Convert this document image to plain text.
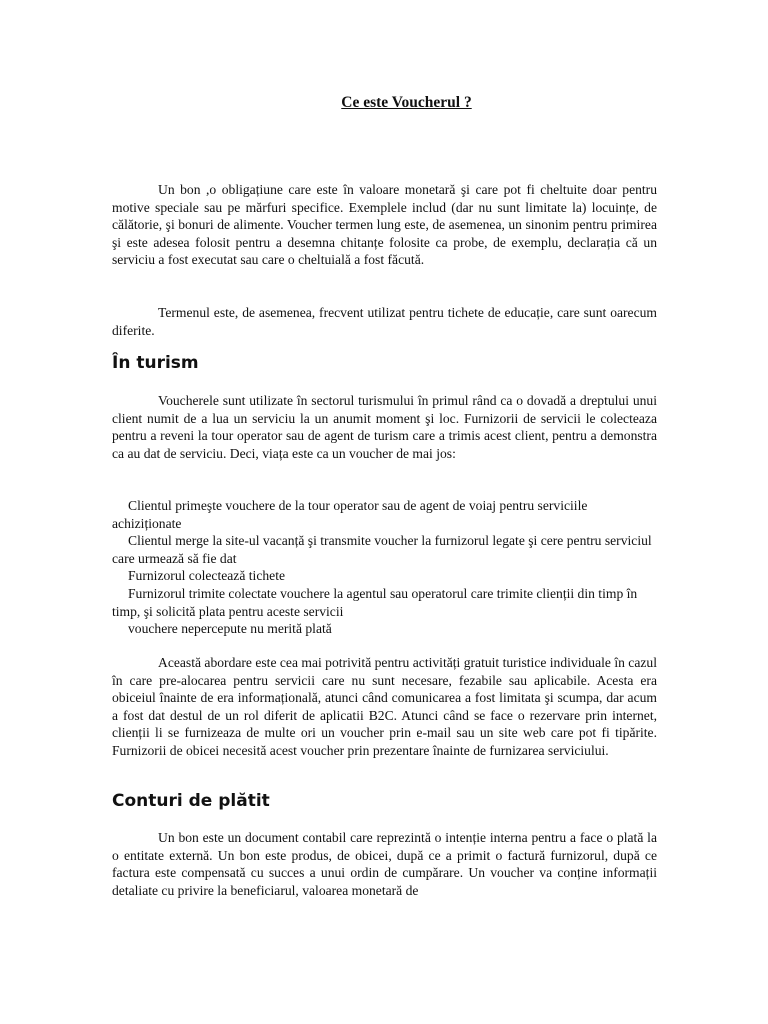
Ce este Voucherul ?

Un bon ,o obligațiune care este în valoare monetară şi care pot fi cheltuite doar pentru motive speciale sau pe mărfuri specifice. Exemplele includ (dar nu sunt limitate la) locuințe, de călătorie, şi bonuri de alimente. Voucher termen lung este, de asemenea, un sinonim pentru primirea şi este adesea folosit pentru a desemna chitanțe folosite ca probe, de exemplu, declarația că un serviciu a fost executat sau care o cheltuială a fost făcută.

Termenul este, de asemenea, frecvent utilizat pentru tichete de educație, care sunt oarecum diferite.

În turism

Voucherele sunt utilizate în sectorul turismului în primul rând ca o dovadă a dreptului unui client numit de a lua un serviciu la un anumit moment şi loc. Furnizorii de servicii le colecteaza pentru a reveni la tour operator sau de agent de turism care a trimis acest client, pentru a demonstra ca au dat de serviciu. Deci, viața este ca un voucher de mai jos:

Clientul primeşte vouchere de la tour operator sau de agent de voiaj pentru serviciile achiziționate
Clientul merge la site-ul vacanță şi transmite voucher la furnizorul legate şi cere pentru serviciul care urmează să fie dat
Furnizorul colectează tichete
Furnizorul trimite colectate vouchere la agentul sau operatorul care trimite clienții din timp în timp, şi solicită plata pentru aceste servicii
vouchere nepercepute nu merită plată

Această abordare este cea mai potrivită pentru activități gratuit turistice individuale în cazul în care pre-alocarea pentru servicii care nu sunt necesare, fezabile sau aplicabile. Acesta era obiceiul înainte de era informațională, atunci când comunicarea a fost limitata şi scumpa, dar acum a fost dat destul de un rol diferit de aplicatii B2C. Atunci când se face o rezervare prin internet, clienții li se furnizeaza de multe ori un voucher prin e-mail sau un site web care pot fi tipărite. Furnizorii de obicei necesită acest voucher prin prezentare înainte de furnizarea serviciului.

Conturi de plătit

Un bon este un document contabil care reprezintă o intenție interna pentru a face o plată la o entitate externă. Un bon este produs, de obicei, după ce a primit o factură furnizorul, după ce factura este compensată cu succes a unui ordin de cumpărare. Un voucher va conține informații detaliate cu privire la beneficiarul, valoarea monetară de
